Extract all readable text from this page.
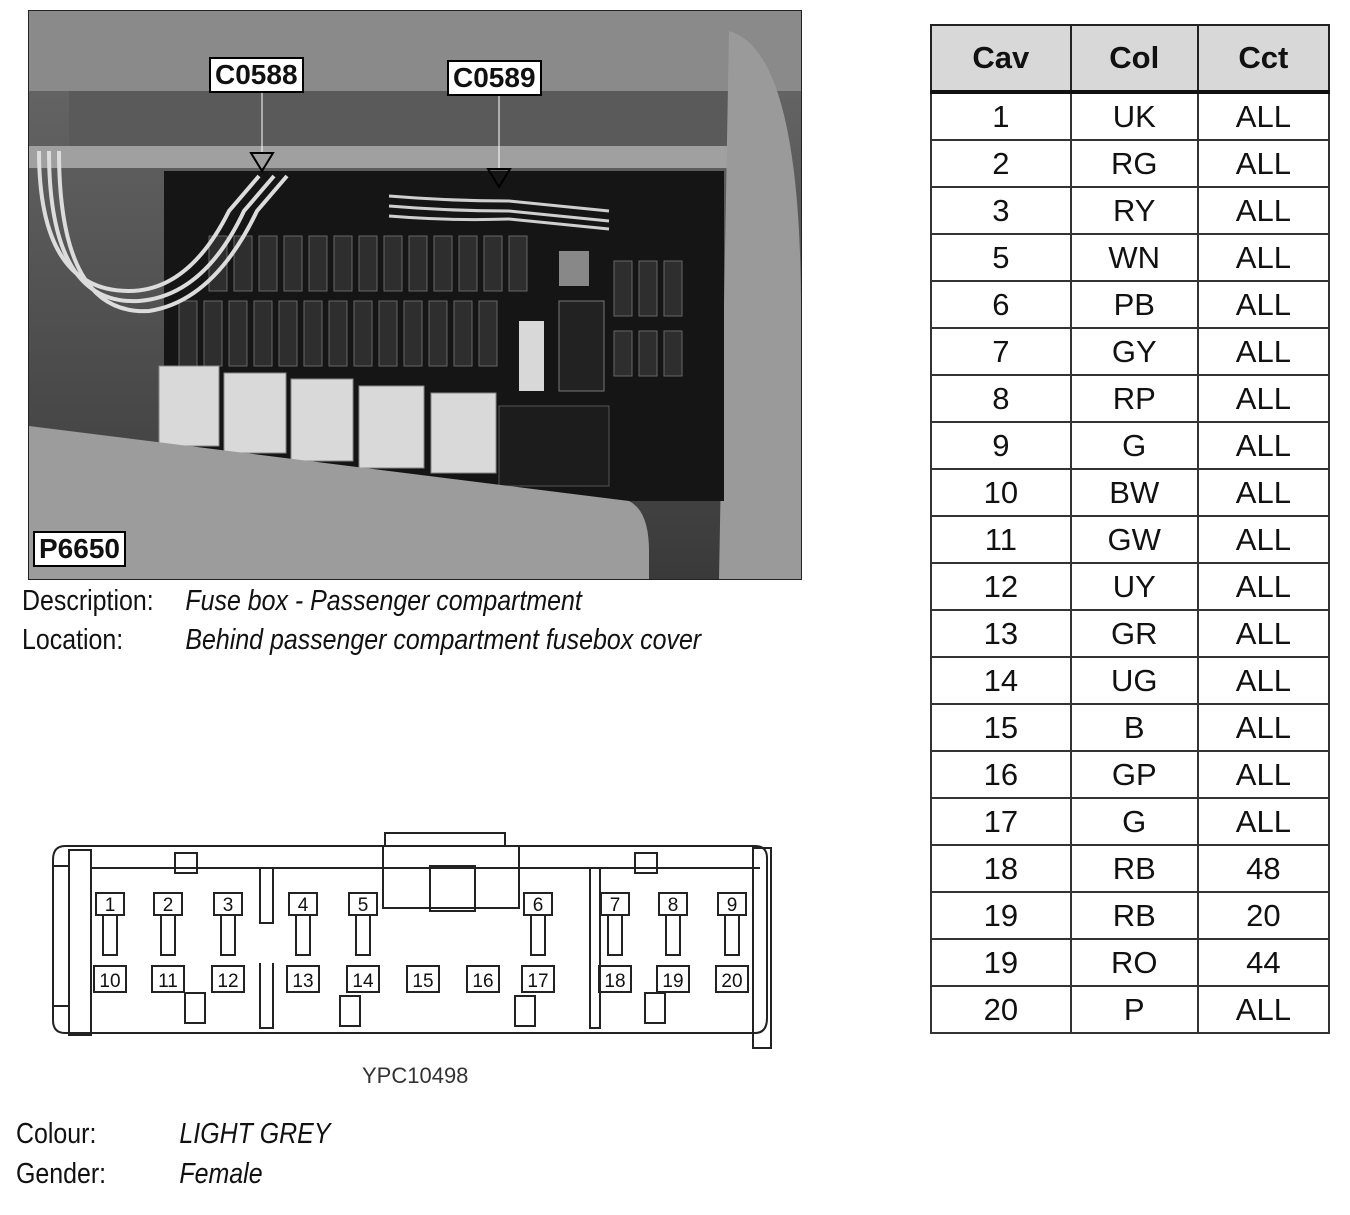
C0588	C0589
P6650
Description: Fuse box - Passenger compartment
Location: Behind passenger compartment fusebox cover
Cav	Col	Cct
1	UK	ALL
2	RG	ALL
3	RY	ALL
5	WN	ALL
6	PB	ALL
7	GY	ALL
8	RP	ALL
9	G	ALL
10	BW	ALL
11	GW	ALL
12	UY	ALL
13	GR	ALL
14	UG	ALL
15	B	ALL
16	GP	ALL
17	G	ALL
18	RB	48
19	RB	20
19	RO	44
20	P	ALL
1 2	3	4	5	6	7 8	9
10 11 12	13 14 15 16 17	18 19 20
YPC10498
Colour:	LIGHT GREY
Gender:	Female
